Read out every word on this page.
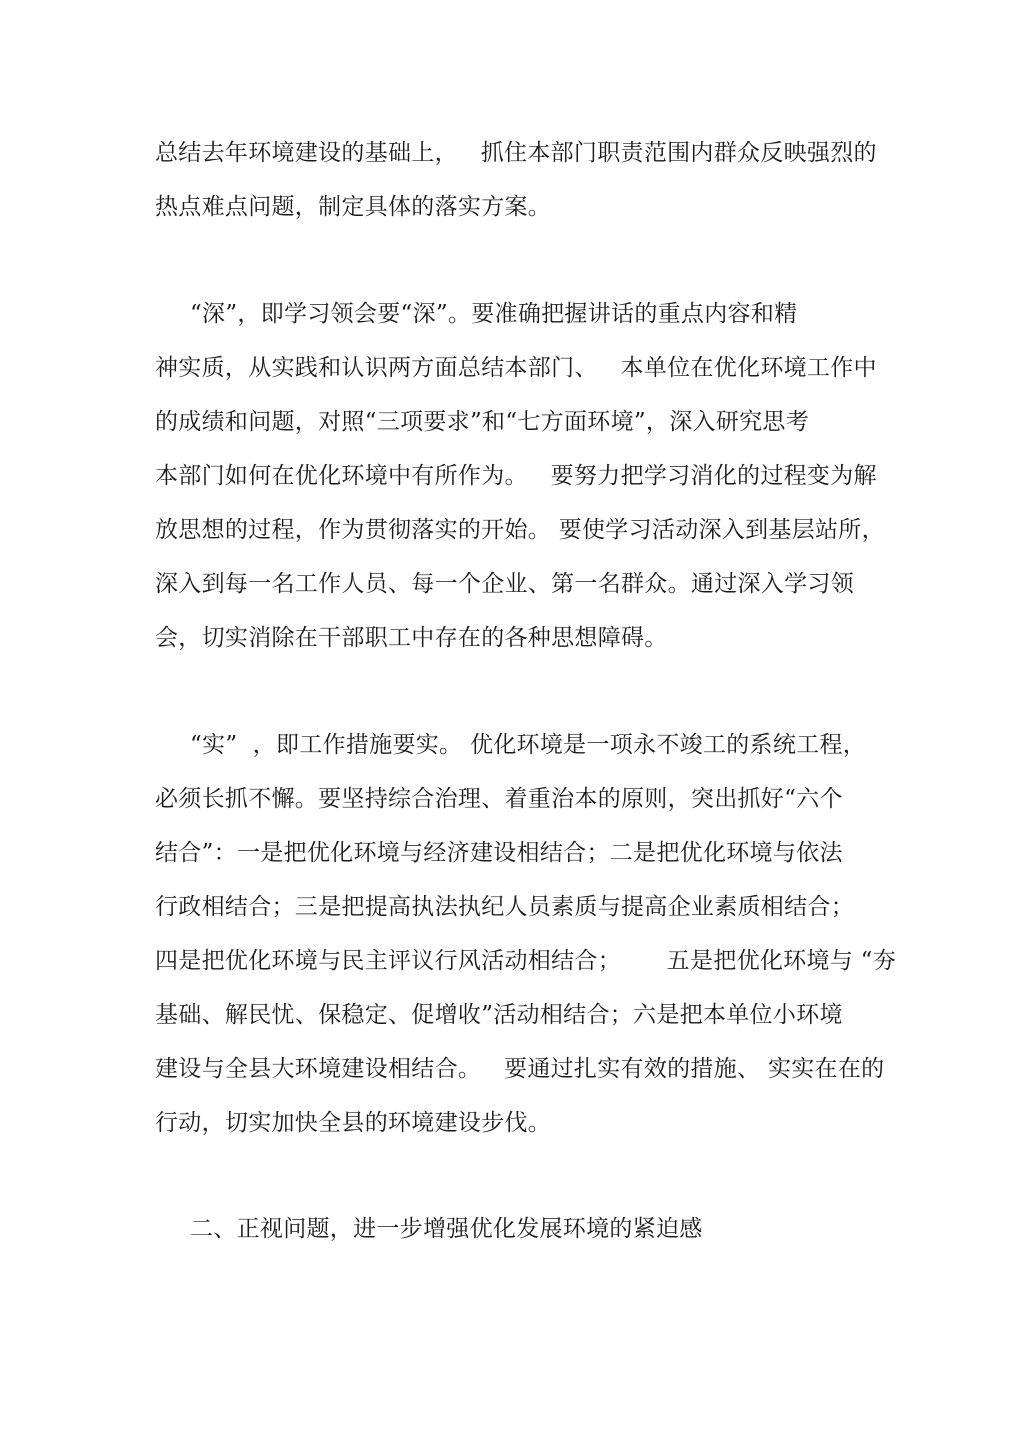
总结去年环境建设的基础上，   抓住本部门职责范围内群众反映强烈的
热点难点问题，制定具体的落实方案。
“深”，即学习领会要“深”。要准确把握讲话的重点内容和精
神实质，从实践和认识两方面总结本部门、   本单位在优化环境工作中
的成绩和问题，对照“三项要求”和“七方面环境”，深入研究思考
本部门如何在优化环境中有所作为。   要努力把学习消化的过程变为解
放思想的过程，作为贯彻落实的开始。 要使学习活动深入到基层站所，
深入到每一名工作人员、每一个企业、第一名群众。通过深入学习领
会，切实消除在干部职工中存在的各种思想障碍。
“实”  ，即工作措施要实。 优化环境是一项永不竣工的系统工程，
必须长抓不懈。要坚持综合治理、着重治本的原则，突出抓好“六个
结合”：一是把优化环境与经济建设相结合；二是把优化环境与依法
行政相结合；三是把提高执法执纪人员素质与提高企业素质相结合；
四是把优化环境与民主评议行风活动相结合；      五是把优化环境与 “夯
基础、解民忧、保稳定、促增收”活动相结合；六是把本单位小环境
建设与全县大环境建设相结合。   要通过扎实有效的措施、 实实在在的
行动，切实加快全县的环境建设步伐。
二、正视问题，进一步增强优化发展环境的紧迫感
